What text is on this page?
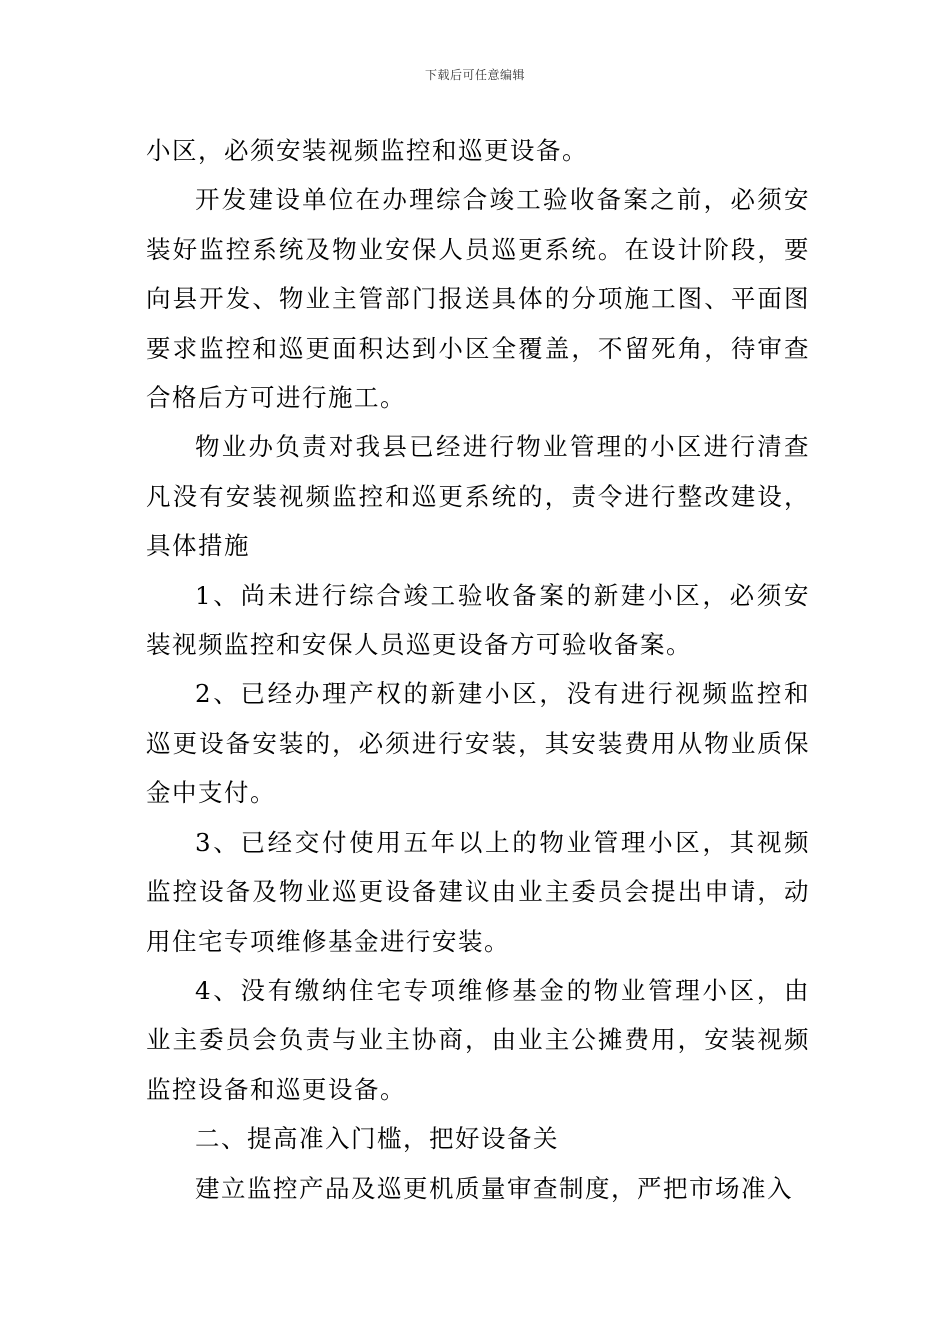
下载后可任意编辑

小区，必须安装视频监控和巡更设备。

开发建设单位在办理综合竣工验收备案之前，必须安装好监控系统及物业安保人员巡更系统。在设计阶段，要向县开发、物业主管部门报送具体的分项施工图、平面图要求监控和巡更面积达到小区全覆盖，不留死角，待审查合格后方可进行施工。

物业办负责对我县已经进行物业管理的小区进行清查凡没有安装视频监控和巡更系统的，责令进行整改建设，具体措施

1、尚未进行综合竣工验收备案的新建小区，必须安装视频监控和安保人员巡更设备方可验收备案。

2、已经办理产权的新建小区，没有进行视频监控和巡更设备安装的，必须进行安装，其安装费用从物业质保金中支付。

3、已经交付使用五年以上的物业管理小区，其视频监控设备及物业巡更设备建议由业主委员会提出申请，动用住宅专项维修基金进行安装。

4、没有缴纳住宅专项维修基金的物业管理小区，由业主委员会负责与业主协商，由业主公摊费用，安装视频监控设备和巡更设备。

二、提高准入门槛，把好设备关

建立监控产品及巡更机质量审查制度，严把市场准入
